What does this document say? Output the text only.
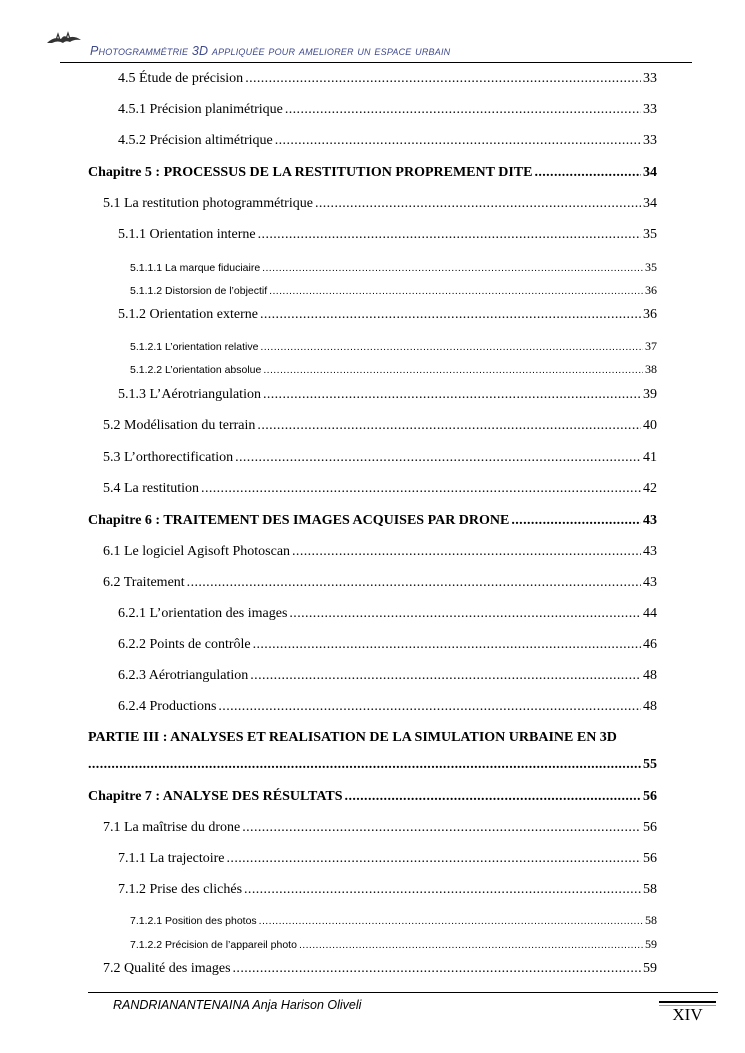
Photogrammétrie 3D appliquée pour ameliorer un espace urbain
4.5 Étude de précision .....	33
4.5.1 Précision planimétrique .....	33
4.5.2 Précision altimétrique .....	33
Chapitre 5 : PROCESSUS DE LA RESTITUTION PROPREMENT DITE .....	34
5.1 La restitution photogrammétrique .....	34
5.1.1 Orientation interne .....	35
5.1.1.1 La marque fiduciaire .....	35
5.1.1.2 Distorsion de l’objectif .....	36
5.1.2 Orientation externe .....	36
5.1.2.1 L’orientation relative .....	37
5.1.2.2 L’orientation absolue .....	38
5.1.3 L’Aérotriangulation .....	39
5.2 Modélisation du terrain .....	40
5.3 L’orthorectification .....	41
5.4 La restitution .....	42
Chapitre 6 : TRAITEMENT DES IMAGES ACQUISES PAR DRONE .....	43
6.1 Le logiciel Agisoft Photoscan .....	43
6.2 Traitement .....	43
6.2.1 L’orientation des images .....	44
6.2.2 Points de contrôle .....	46
6.2.3 Aérotriangulation .....	48
6.2.4 Productions .....	48
PARTIE III : ANALYSES ET REALISATION DE LA SIMULATION URBAINE EN 3D
.....
55
Chapitre 7 : ANALYSE DES RÉSULTATS .....	56
7.1 La maîtrise du drone .....	56
7.1.1 La trajectoire .....	56
7.1.2 Prise des clichés .....	58
7.1.2.1 Position des photos .....	58
7.1.2.2 Précision de l’appareil photo .....	59
7.2 Qualité des images .....	59
RANDRIANANTENAINA Anja Harison Oliveli	XIV
